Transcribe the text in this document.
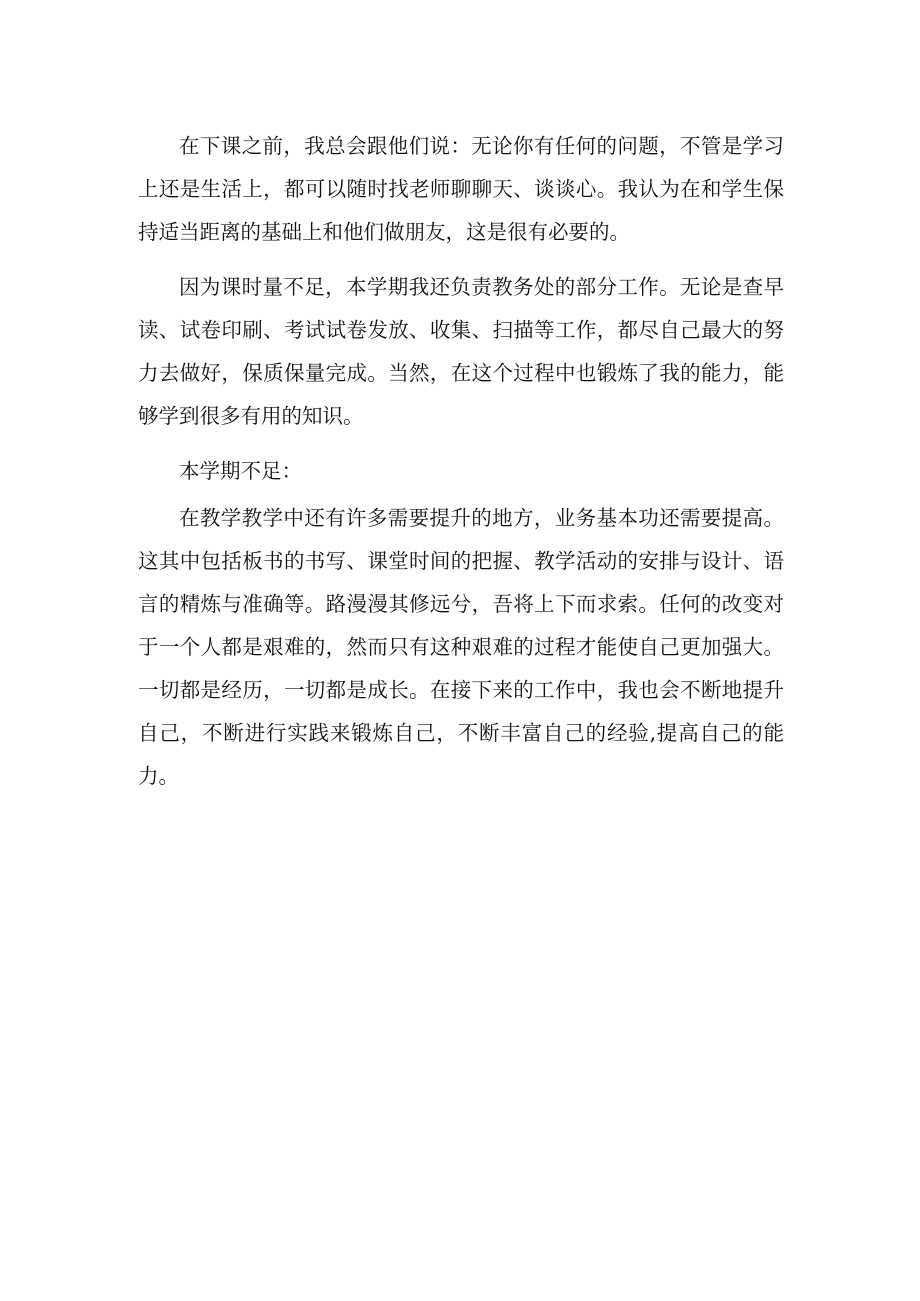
在下课之前，我总会跟他们说：无论你有任何的问题，不管是学习上还是生活上，都可以随时找老师聊聊天、谈谈心。我认为在和学生保持适当距离的基础上和他们做朋友，这是很有必要的。

因为课时量不足，本学期我还负责教务处的部分工作。无论是查早读、试卷印刷、考试试卷发放、收集、扫描等工作，都尽自己最大的努力去做好，保质保量完成。当然，在这个过程中也锻炼了我的能力，能够学到很多有用的知识。

本学期不足：

在教学教学中还有许多需要提升的地方，业务基本功还需要提高。这其中包括板书的书写、课堂时间的把握、教学活动的安排与设计、语言的精炼与准确等。路漫漫其修远兮，吾将上下而求索。任何的改变对于一个人都是艰难的，然而只有这种艰难的过程才能使自己更加强大。一切都是经历，一切都是成长。在接下来的工作中，我也会不断地提升自己，不断进行实践来锻炼自己，不断丰富自己的经验,提高自己的能力。
